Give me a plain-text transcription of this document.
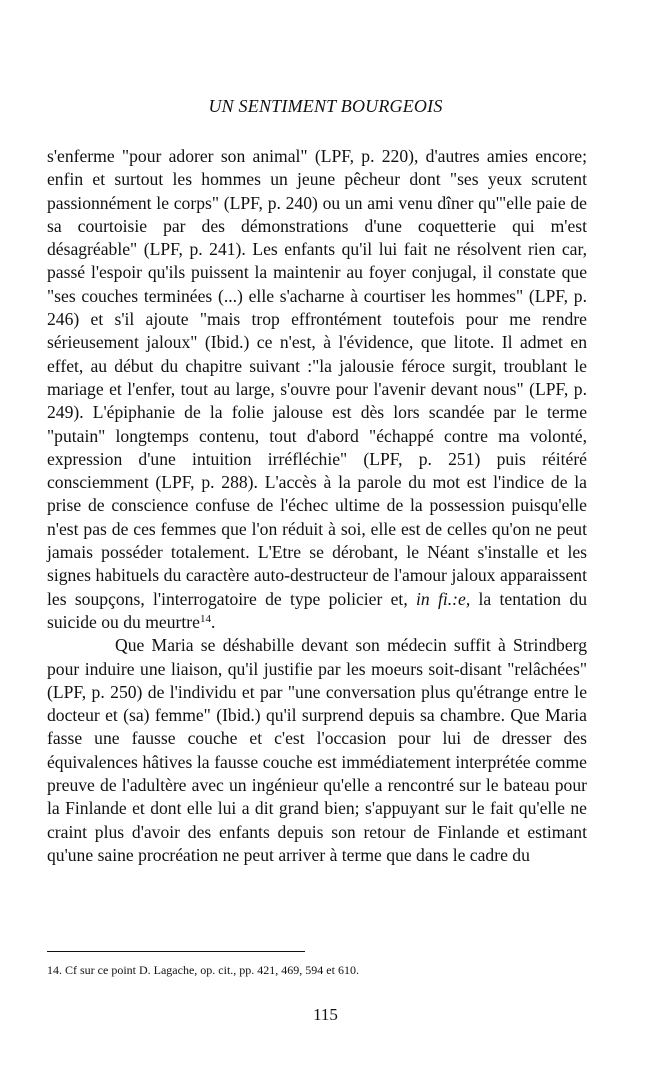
UN SENTIMENT BOURGEOIS

s'enferme "pour adorer son animal" (LPF, p. 220), d'autres amies encore; enfin et surtout les hommes un jeune pêcheur dont "ses yeux scrutent passionnément le corps" (LPF, p. 240) ou un ami venu dîner qu'"elle paie de sa courtoisie par des démonstrations d'une coquetterie qui m'est désagréable" (LPF, p. 241). Les enfants qu'il lui fait ne résolvent rien car, passé l'espoir qu'ils puissent la maintenir au foyer conjugal, il constate que "ses couches terminées (...) elle s'acharne à courtiser les hommes" (LPF, p. 246) et s'il ajoute "mais trop effrontément toutefois pour me rendre sérieusement jaloux" (Ibid.) ce n'est, à l'évidence, que litote. Il admet en effet, au début du chapitre suivant :"la jalousie féroce surgit, troublant le mariage et l'enfer, tout au large, s'ouvre pour l'avenir devant nous" (LPF, p. 249). L'épiphanie de la folie jalouse est dès lors scandée par le terme "putain" longtemps contenu, tout d'abord "échappé contre ma volonté, expression d'une intuition irréfléchie" (LPF, p. 251) puis réitéré consciemment (LPF, p. 288). L'accès à la parole du mot est l'indice de la prise de conscience confuse de l'échec ultime de la possession puisqu'elle n'est pas de ces femmes que l'on réduit à soi, elle est de celles qu'on ne peut jamais posséder totalement. L'Etre se dérobant, le Néant s'installe et les signes habituels du caractère auto-destructeur de l'amour jaloux apparaissent les soupçons, l'interrogatoire de type policier et, in fi.:e, la tentation du suicide ou du meurtre$^{14}$.

Que Maria se déshabille devant son médecin suffit à Strindberg pour induire une liaison, qu'il justifie par les moeurs soit-disant "relâchées" (LPF, p. 250) de l'individu et par "une conversation plus qu'étrange entre le docteur et (sa) femme" (Ibid.) qu'il surprend depuis sa chambre. Que Maria fasse une fausse couche et c'est l'occasion pour lui de dresser des équivalences hâtives la fausse couche est immédiatement interprétée comme preuve de l'adultère avec un ingénieur qu'elle a rencontré sur le bateau pour la Finlande et dont elle lui a dit grand bien; s'appuyant sur le fait qu'elle ne craint plus d'avoir des enfants depuis son retour de Finlande et estimant qu'une saine procréation ne peut arriver à terme que dans le cadre du

14. Cf sur ce point D. Lagache, op. cit., pp. 421, 469, 594 et 610.
115
